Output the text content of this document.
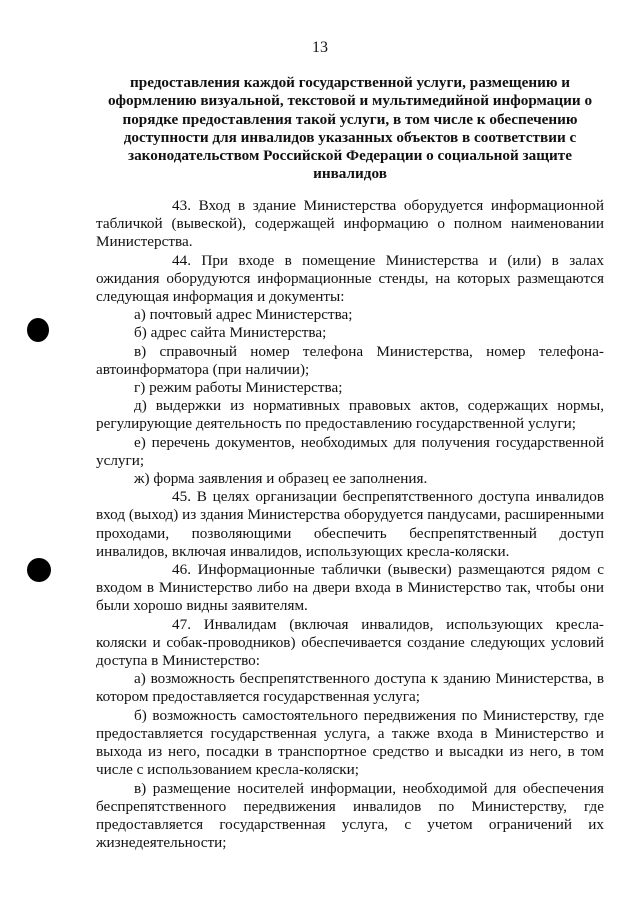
13
предоставления каждой государственной услуги, размещению и
оформлению визуальной, текстовой и мультимедийной информации о
порядке предоставления такой услуги, в том числе к обеспечению
доступности для инвалидов указанных объектов в соответствии с
законодательством Российской Федерации о социальной защите
инвалидов

43. Вход в здание Министерства оборудуется информационной табличкой (вывеской), содержащей информацию о полном наименовании Министерства.

44. При входе в помещение Министерства и (или) в залах ожидания оборудуются информационные стенды, на которых размещаются следующая информация и документы:

а) почтовый адрес Министерства;

б) адрес сайта Министерства;

в) справочный номер телефона Министерства, номер телефона-автоинформатора (при наличии);

г) режим работы Министерства;

д) выдержки из нормативных правовых актов, содержащих нормы, регулирующие деятельность по предоставлению государственной услуги;

е) перечень документов, необходимых для получения государственной услуги;

ж) форма заявления и образец ее заполнения.

45. В целях организации беспрепятственного доступа инвалидов вход (выход) из здания Министерства оборудуется пандусами, расширенными проходами, позволяющими обеспечить беспрепятственный доступ инвалидов, включая инвалидов, использующих кресла-коляски.

46. Информационные таблички (вывески) размещаются рядом с входом в Министерство либо на двери входа в Министерство так, чтобы они были хорошо видны заявителям.

47. Инвалидам (включая инвалидов, использующих кресла-коляски и собак-проводников) обеспечивается создание следующих условий доступа в Министерство:

а) возможность беспрепятственного доступа к зданию Министерства, в котором предоставляется государственная услуга;

б) возможность самостоятельного передвижения по Министерству, где предоставляется государственная услуга, а также входа в Министерство и выхода из него, посадки в транспортное средство и высадки из него, в том числе с использованием кресла-коляски;

в) размещение носителей информации, необходимой для обеспечения беспрепятственного передвижения инвалидов по Министерству, где предоставляется государственная услуга, с учетом ограничений их жизнедеятельности;
